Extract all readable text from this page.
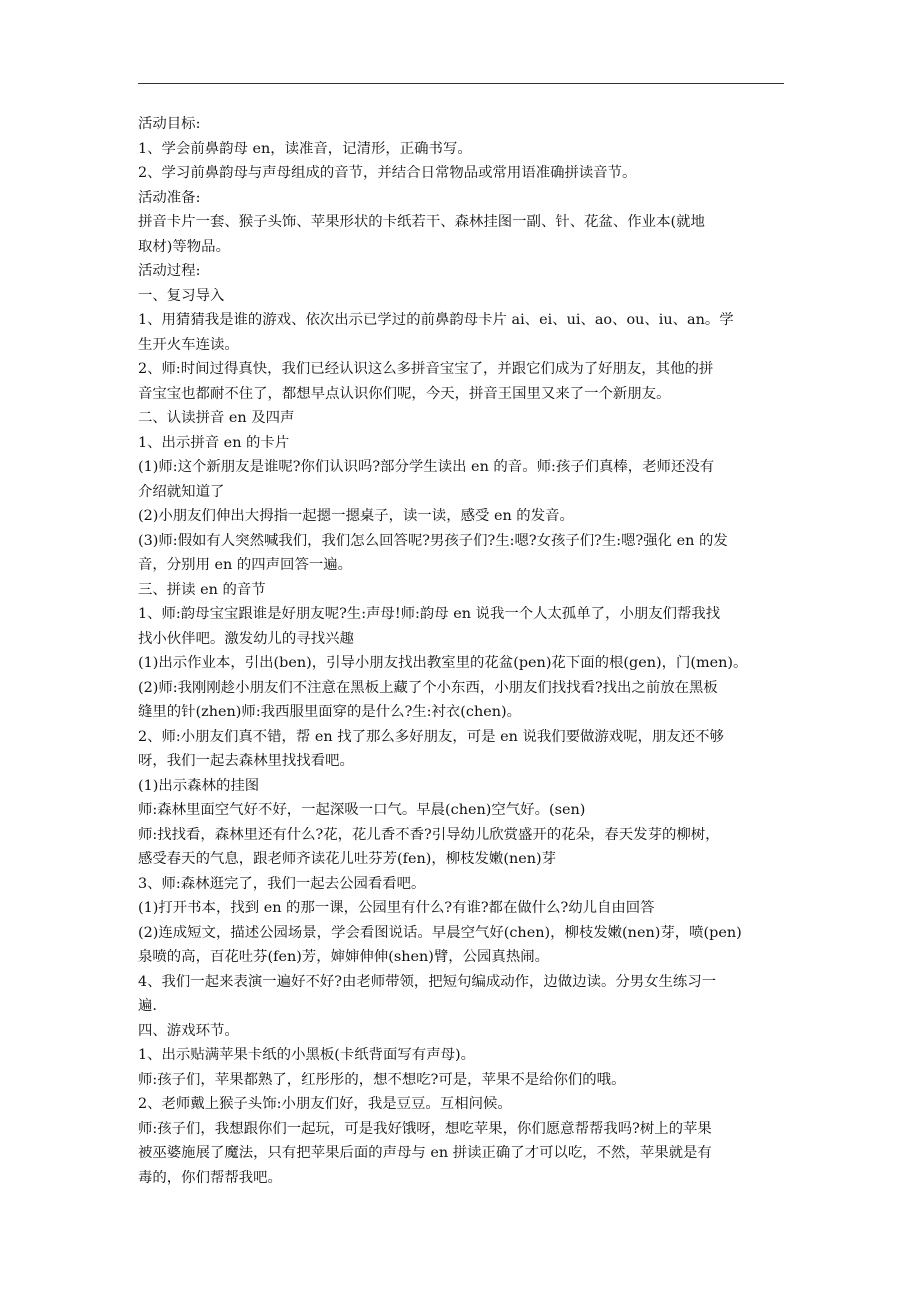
活动目标:
1、学会前鼻韵母 en，读准音，记清形，正确书写。
2、学习前鼻韵母与声母组成的音节，并结合日常物品或常用语准确拼读音节。
活动准备:
拼音卡片一套、猴子头饰、苹果形状的卡纸若干、森林挂图一副、针、花盆、作业本(就地
取材)等物品。
活动过程:
一、复习导入
1、用猜猜我是谁的游戏、依次出示已学过的前鼻韵母卡片 ai、ei、ui、ao、ou、iu、an。学
生开火车连读。
2、师:时间过得真快，我们已经认识这么多拼音宝宝了，并跟它们成为了好朋友，其他的拼
音宝宝也都耐不住了，都想早点认识你们呢，今天，拼音王国里又来了一个新朋友。
二、认读拼音 en 及四声
1、出示拼音 en 的卡片
(1)师:这个新朋友是谁呢?你们认识吗?部分学生读出 en 的音。师:孩子们真棒，老师还没有
介绍就知道了
(2)小朋友们伸出大拇指一起摁一摁桌子，读一读，感受 en 的发音。
(3)师:假如有人突然喊我们，我们怎么回答呢?男孩子们?生:嗯?女孩子们?生:嗯?强化 en 的发
音，分别用 en 的四声回答一遍。
三、拼读 en 的音节
1、师:韵母宝宝跟谁是好朋友呢?生:声母!师:韵母 en 说我一个人太孤单了，小朋友们帮我找
找小伙伴吧。激发幼儿的寻找兴趣
(1)出示作业本，引出(ben)，引导小朋友找出教室里的花盆(pen)花下面的根(gen)，门(men)。
(2)师:我刚刚趁小朋友们不注意在黑板上藏了个小东西，小朋友们找找看?找出之前放在黑板
缝里的针(zhen)师:我西服里面穿的是什么?生:衬衣(chen)。
2、师:小朋友们真不错，帮 en 找了那么多好朋友，可是 en 说我们要做游戏呢，朋友还不够
呀，我们一起去森林里找找看吧。
(1)出示森林的挂图
师:森林里面空气好不好，一起深吸一口气。早晨(chen)空气好。(sen)
师:找找看，森林里还有什么?花，花儿香不香?引导幼儿欣赏盛开的花朵，春天发芽的柳树，
感受春天的气息，跟老师齐读花儿吐芬芳(fen)，柳枝发嫩(nen)芽
3、师:森林逛完了，我们一起去公园看看吧。
(1)打开书本，找到 en 的那一课，公园里有什么?有谁?都在做什么?幼儿自由回答
(2)连成短文，描述公园场景，学会看图说话。早晨空气好(chen)，柳枝发嫩(nen)芽，喷(pen)
泉喷的高，百花吐芬(fen)芳，婶婶伸伸(shen)臂，公园真热闹。
4、我们一起来表演一遍好不好?由老师带领，把短句编成动作，边做边读。分男女生练习一
遍.
四、游戏环节。
1、出示贴满苹果卡纸的小黑板(卡纸背面写有声母)。
师:孩子们，苹果都熟了，红彤彤的，想不想吃?可是，苹果不是给你们的哦。
2、老师戴上猴子头饰:小朋友们好，我是豆豆。互相问候。
师:孩子们，我想跟你们一起玩，可是我好饿呀，想吃苹果，你们愿意帮帮我吗?树上的苹果
被巫婆施展了魔法，只有把苹果后面的声母与 en 拼读正确了才可以吃，不然，苹果就是有
毒的，你们帮帮我吧。
